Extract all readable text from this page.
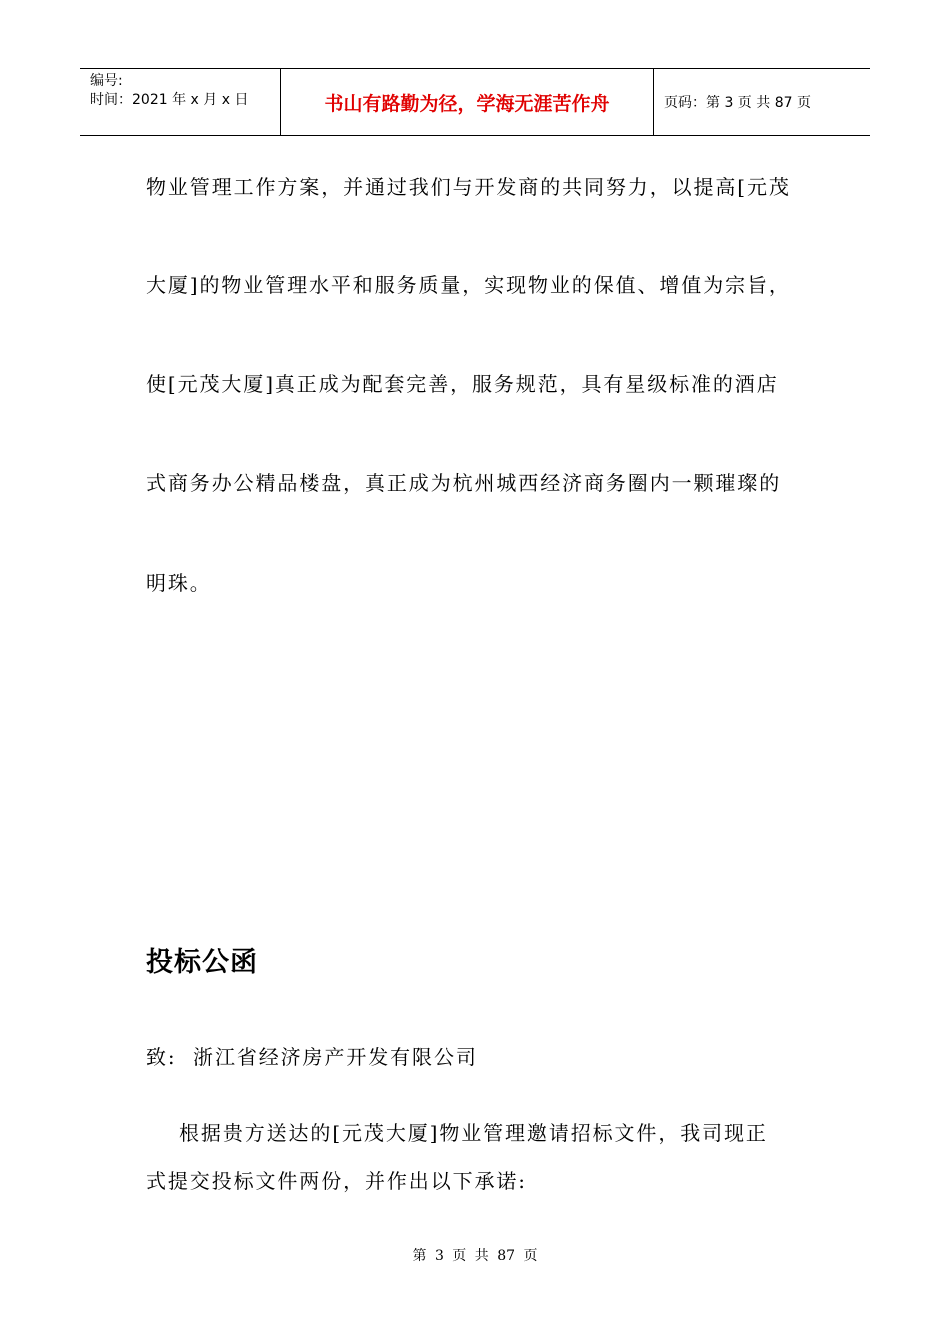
编号:
时间：2021 年 x 月 x 日	书山有路勤为径，学海无涯苦作舟	页码：第 3 页 共 87 页
物业管理工作方案，并通过我们与开发商的共同努力，以提高[元茂
大厦]的物业管理水平和服务质量，实现物业的保值、增值为宗旨，
使[元茂大厦]真正成为配套完善，服务规范，具有星级标准的酒店
式商务办公精品楼盘，真正成为杭州城西经济商务圈内一颗璀璨的
明珠。
投标公函
致:  浙江省经济房产开发有限公司
根据贵方送达的[元茂大厦]物业管理邀请招标文件，我司现正
式提交投标文件两份，并作出以下承诺:
第 3 页 共 87 页
